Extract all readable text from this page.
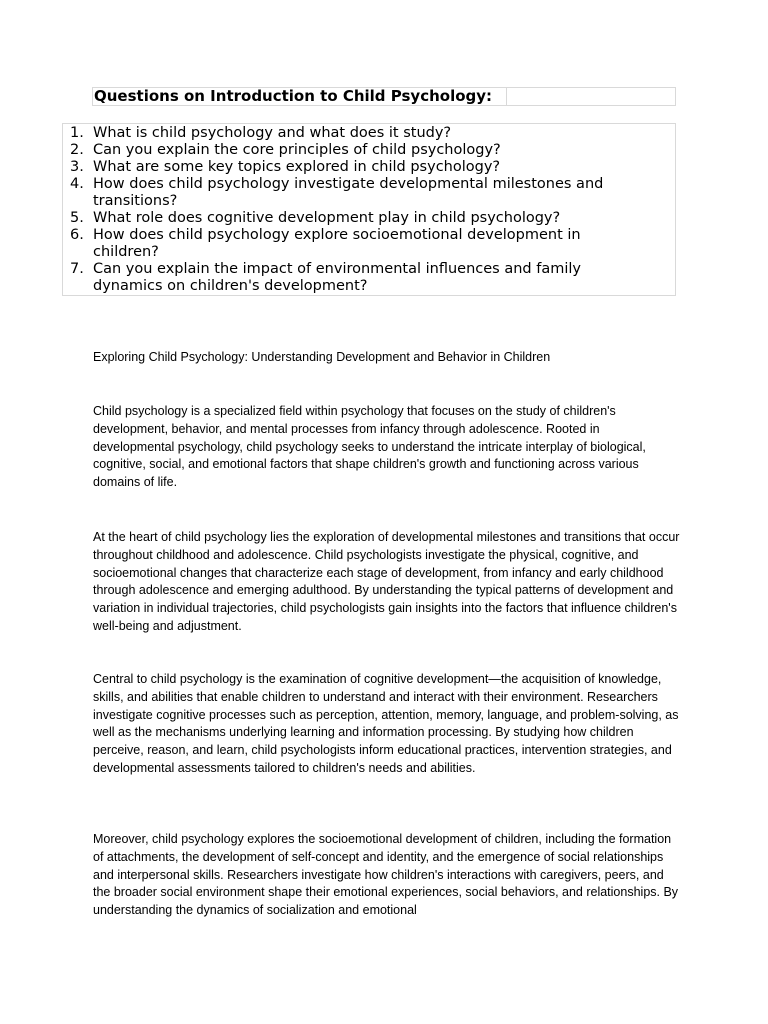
Questions on Introduction to Child Psychology:
1. What is child psychology and what does it study?
2. Can you explain the core principles of child psychology?
3. What are some key topics explored in child psychology?
4. How does child psychology investigate developmental milestones and transitions?
5. What role does cognitive development play in child psychology?
6. How does child psychology explore socioemotional development in children?
7. Can you explain the impact of environmental influences and family dynamics on children's development?

Exploring Child Psychology: Understanding Development and Behavior in Children

Child psychology is a specialized field within psychology that focuses on the study of children's development, behavior, and mental processes from infancy through adolescence. Rooted in developmental psychology, child psychology seeks to understand the intricate interplay of biological, cognitive, social, and emotional factors that shape children's growth and functioning across various domains of life.

At the heart of child psychology lies the exploration of developmental milestones and transitions that occur throughout childhood and adolescence. Child psychologists investigate the physical, cognitive, and socioemotional changes that characterize each stage of development, from infancy and early childhood through adolescence and emerging adulthood. By understanding the typical patterns of development and variation in individual trajectories, child psychologists gain insights into the factors that influence children's well-being and adjustment.

Central to child psychology is the examination of cognitive development—the acquisition of knowledge, skills, and abilities that enable children to understand and interact with their environment. Researchers investigate cognitive processes such as perception, attention, memory, language, and problem-solving, as well as the mechanisms underlying learning and information processing. By studying how children perceive, reason, and learn, child psychologists inform educational practices, intervention strategies, and developmental assessments tailored to children's needs and abilities.

Moreover, child psychology explores the socioemotional development of children, including the formation of attachments, the development of self-concept and identity, and the emergence of social relationships and interpersonal skills. Researchers investigate how children's interactions with caregivers, peers, and the broader social environment shape their emotional experiences, social behaviors, and relationships. By understanding the dynamics of socialization and emotional
